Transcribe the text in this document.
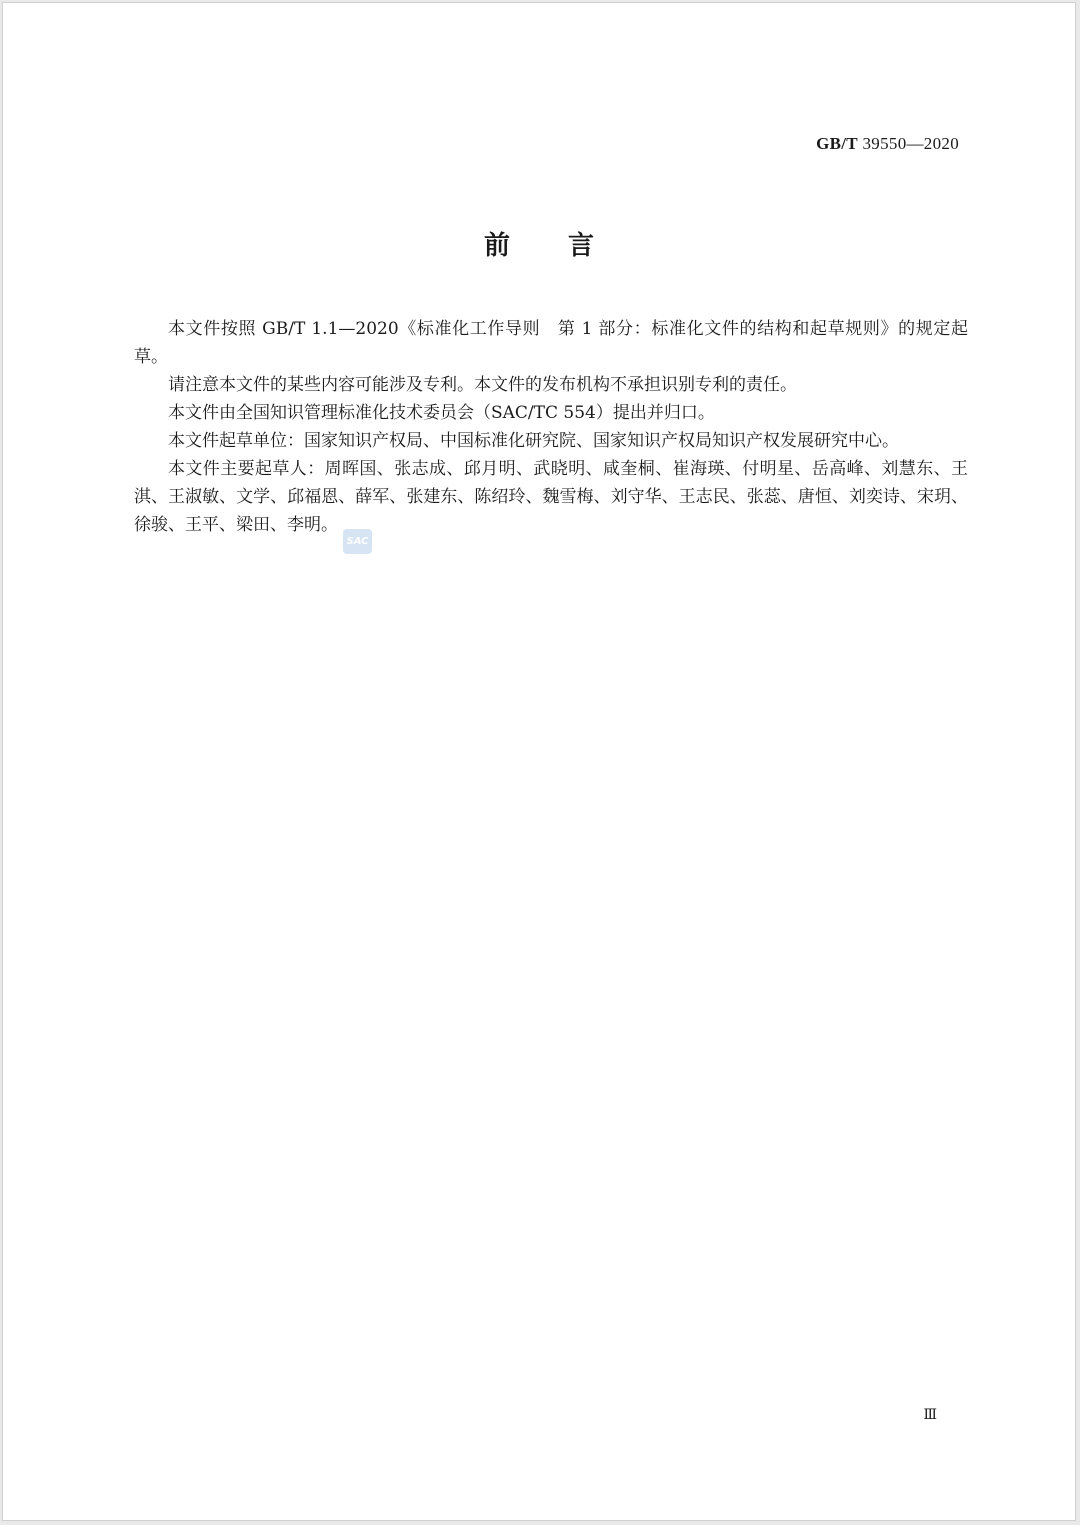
GB/T 39550—2020
前言

本文件按照 GB/T 1.1—2020《标准化工作导则　第 1 部分：标准化文件的结构和起草规则》的规定起草。

请注意本文件的某些内容可能涉及专利。本文件的发布机构不承担识别专利的责任。

本文件由全国知识管理标准化技术委员会（SAC/TC 554）提出并归口。

本文件起草单位：国家知识产权局、中国标准化研究院、国家知识产权局知识产权发展研究中心。

本文件主要起草人：周晖国、张志成、邱月明、武晓明、咸奎桐、崔海瑛、付明星、岳高峰、刘慧东、王淇、王淑敏、文学、邱福恩、薛军、张建东、陈绍玲、魏雪梅、刘守华、王志民、张蕊、唐恒、刘奕诗、宋玥、徐骏、王平、梁田、李明。

SAC
Ⅲ
